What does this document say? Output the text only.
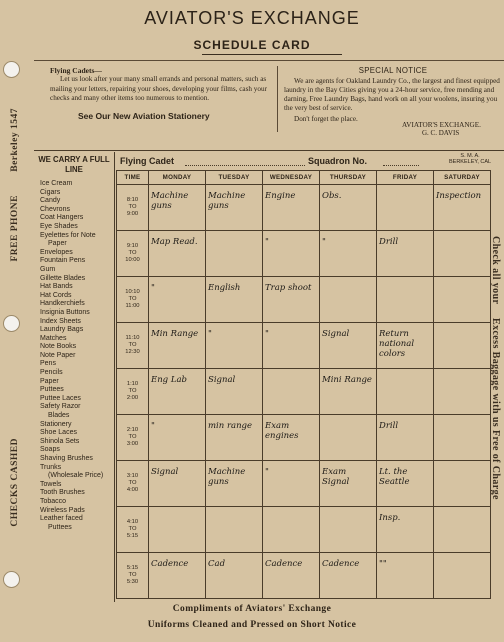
Berkeley 1547
FREE PHONE
CHECKS CASHED
Check all your
Excess Baggage with us Free of Charge
AVIATOR'S EXCHANGE
SCHEDULE CARD
Flying Cadets—
Let us look after your many small errands and personal matters, such as mailing your letters, repairing your shoes, developing your films, cash your checks and many other items too numerous to mention.
See Our New Aviation Stationery
SPECIAL NOTICE
We are agents for Oakland Laundry Co., the largest and finest equipped laundry in the Bay Cities giving you a 24-hour service, free mending and darning, Free Laundry Bags, hand work on all your woolens, insuring you the very best of service.
Don't forget the place.
AVIATOR'S EXCHANGE.
G. C. DAVIS
WE CARRY A FULL LINE
Ice Cream
Cigars
Candy
Chevrons
Coat Hangers
Eye Shades
Eyelettes for Note
Paper
Envelopes
Fountain Pens
Gum
Gillette Blades
Hat Bands
Hat Cords
Handkerchiefs
Insignia Buttons
Index Sheets
Laundry Bags
Matches
Note Books
Note Paper
Pens
Pencils
Paper
Puttees
Puttee Laces
Safety Razor
Blades
Stationery
Shoe Laces
Shinola Sets
Soaps
Shaving Brushes
Trunks
(Wholesale Price)
Towels
Tooth Brushes
Tobacco
Wireless Pads
Leather faced
Puttees
Flying Cadet	Squadron No.	S. M. A.
BERKELEY, CAL
TIME	MONDAY	TUESDAY	WEDNESDAY	THURSDAY	FRIDAY	SATURDAY

8:10
TO
9:00	Machine guns	Machine guns	Engine	Obs.		Inspection

9:10
TO
10:00	Map Read.		"	"	Drill	

10:10
TO
11:00	"	English	Trap shoot			

11:10
TO
12:30	Min Range	"	"	Signal	Return national colors	

1:10
TO
2:00	Eng Lab	Signal		Mini Range		

2:10
TO
3:00	"	min range	Exam engines		Drill	

3:10
TO
4:00	Signal	Machine guns	"	Exam Signal	Lt. the Seattle	

4:10
TO
5:15					Insp.	

5:15
TO
5:30	Cadence	Cad	Cadence	Cadence	""	

Compliments of Aviators' Exchange
Uniforms Cleaned and Pressed on Short Notice
